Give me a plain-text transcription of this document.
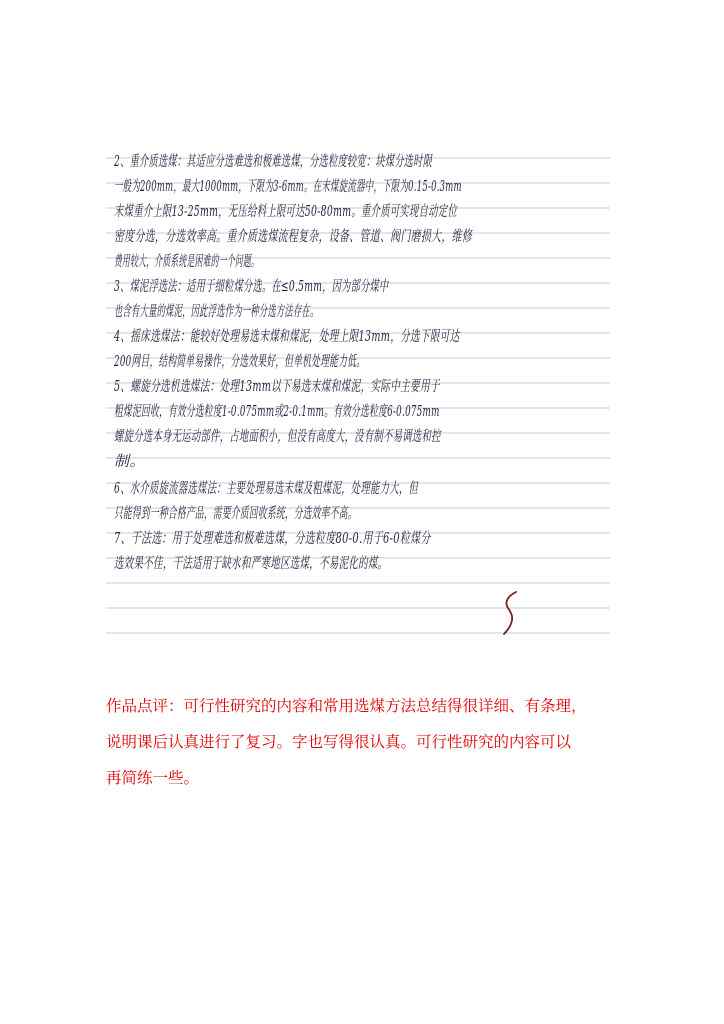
2、重介质选煤：其适应分选难选和极难选煤，分选粒度较宽：块煤分选时限
一般为200mm，最大1000mm，下限为3-6mm。在末煤旋流器中，下限为0.15-0.3mm
末煤重介上限13-25mm，无压给料上限可达50-80mm。重介质可实现自动定位
密度分选，分选效率高。重介质选煤流程复杂，设备、管道、阀门磨损大，维修
费用较大，介质系统是困难的一个问题。
3、煤泥浮选法：适用于细粒煤分选。在≤0.5mm，因为部分煤中
也含有大量的煤泥，因此浮选作为一种分选方法存在。
4、摇床选煤法：能较好处理易选末煤和煤泥，处理上限13mm，分选下限可达
200网目，结构简单易操作，分选效果好，但单机处理能力低。
5、螺旋分选机选煤法：处理13mm以下易选末煤和煤泥，实际中主要用于
粗煤泥回收，有效分选粒度1-0.075mm或2-0.1mm。有效分选粒度6-0.075mm
螺旋分选本身无运动部件，占地面积小，但没有高度大，没有制不易调选和控
制。
6、水介质旋流器选煤法：主要处理易选末煤及粗煤泥，处理能力大，但
只能得到一种合格产品，需要介质回收系统，分选效率不高。
7、干法选：用于处理难选和极难选煤，分选粒度80-0.用于6-0粒煤分
选效果不佳，干法适用于缺水和严寒地区选煤，不易泥化的煤。

作品点评：可行性研究的内容和常用选煤方法总结得很详细、有条理，

说明课后认真进行了复习。字也写得很认真。可行性研究的内容可以

再简练一些。
